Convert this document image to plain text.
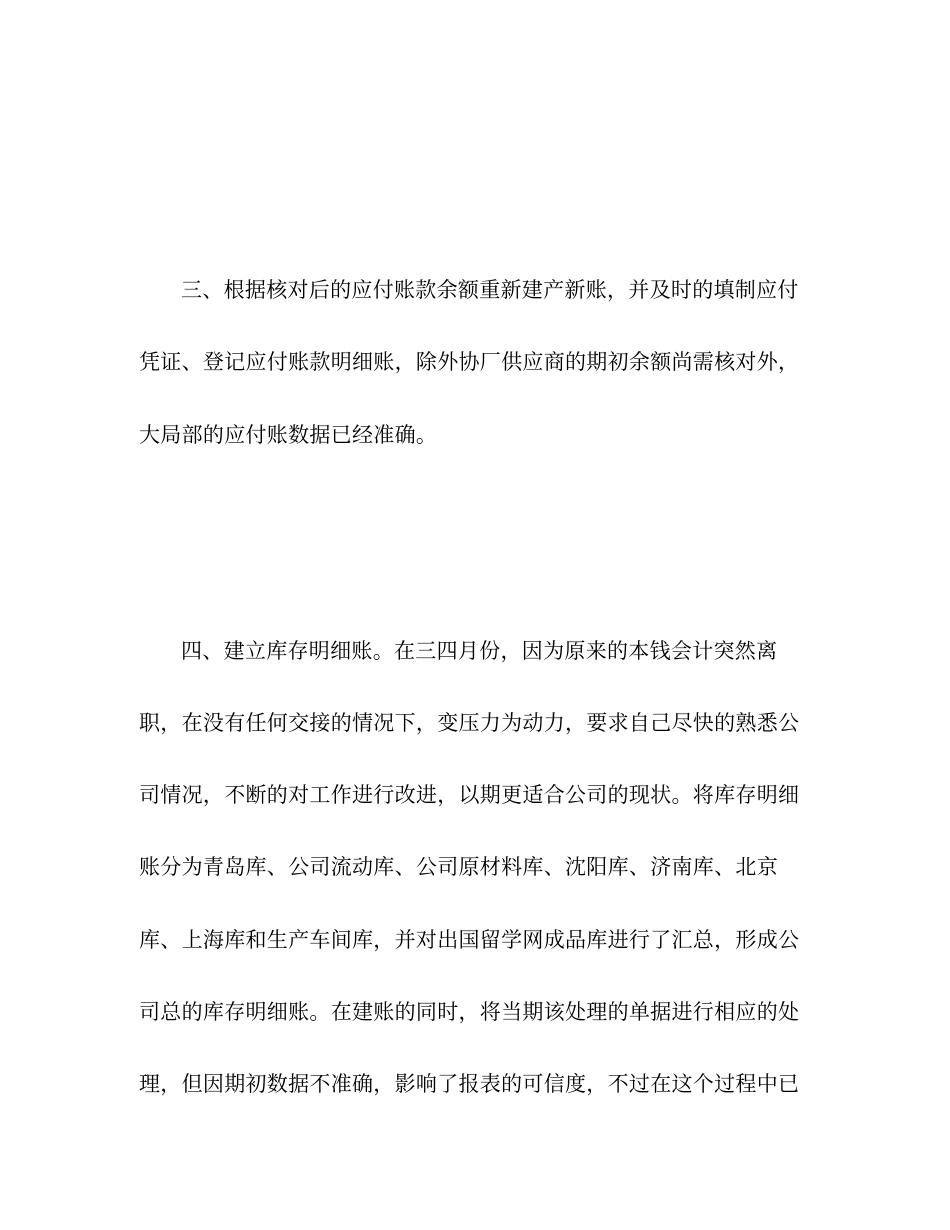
三、根据核对后的应付账款余额重新建产新账，并及时的填制应付
凭证、登记应付账款明细账，除外协厂供应商的期初余额尚需核对外，
大局部的应付账数据已经准确。
四、建立库存明细账。在三四月份，因为原来的本钱会计突然离
职，在没有任何交接的情况下，变压力为动力，要求自己尽快的熟悉公
司情况，不断的对工作进行改进，以期更适合公司的现状。将库存明细
账分为青岛库、公司流动库、公司原材料库、沈阳库、济南库、北京
库、上海库和生产车间库，并对出国留学网成品库进行了汇总，形成公
司总的库存明细账。在建账的同时，将当期该处理的单据进行相应的处
理，但因期初数据不准确，影响了报表的可信度，不过在这个过程中已
